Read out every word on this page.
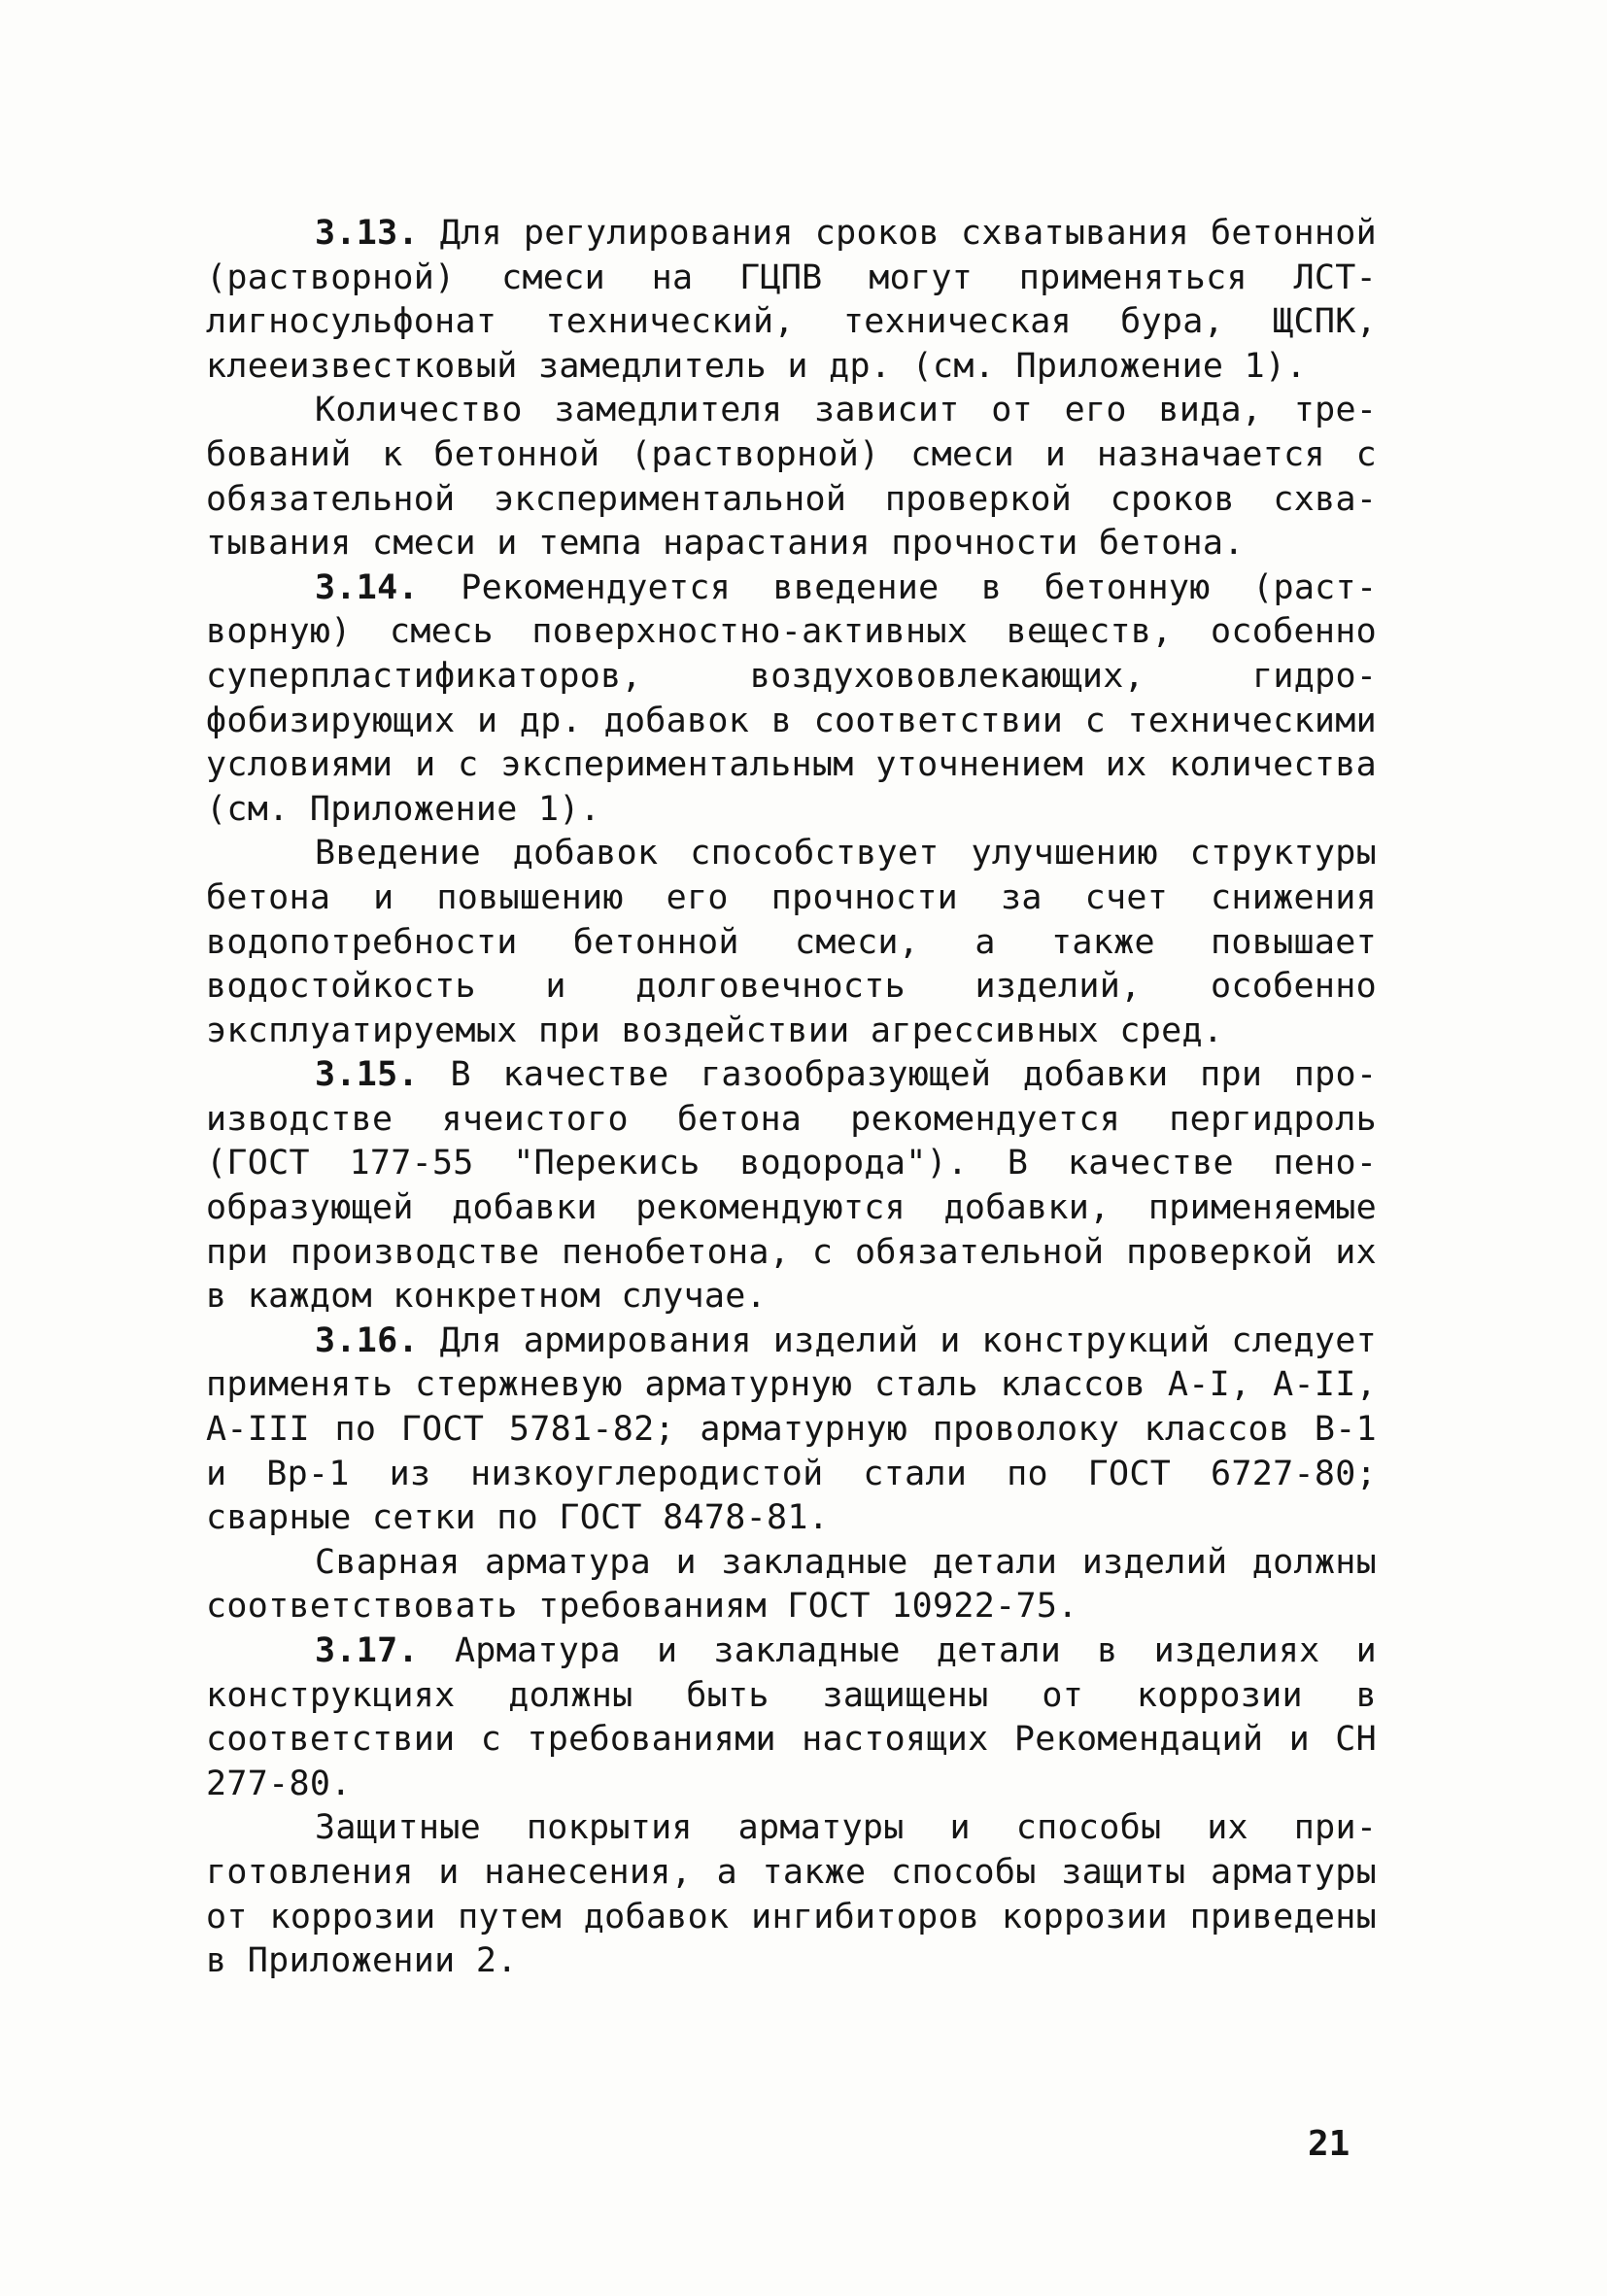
3.13. Для регулирования сроков схватывания бетонной (растворной) смеси на ГЦПВ могут применяться ЛСТ-лигносульфонат технический, техническая бура, ЩСПК, клееизвестковый замедлитель и др. (см. Приложение 1).

Количество замедлителя зависит от его вида, требований к бетонной (растворной) смеси и назначается с обязательной экспериментальной проверкой сроков схватывания смеси и темпа нарастания прочности бетона.

3.14. Рекомендуется введение в бетонную (растворную) смесь поверхностно-активных веществ, особенно суперпластификаторов, воздухововлекающих, гидрофобизирующих и др. добавок в соответствии с техническими условиями и с экспериментальным уточнением их количества (см. Приложение 1).

Введение добавок способствует улучшению структуры бетона и повышению его прочности за счет снижения водопотребности бетонной смеси, а также повышает водостойкость и долговечность изделий, особенно эксплуатируемых при воздействии агрессивных сред.

3.15. В качестве газообразующей добавки при производстве ячеистого бетона рекомендуется пергидроль (ГОСТ 177-55 "Перекись водорода"). В качестве пенообразующей добавки рекомендуются добавки, применяемые при производстве пенобетона, с обязательной проверкой их в каждом конкретном случае.

3.16. Для армирования изделий и конструкций следует применять стержневую арматурную сталь классов А-I, А-II, А-III по ГОСТ 5781-82; арматурную проволоку классов В-1 и Вр-1 из низкоуглеродистой стали по ГОСТ 6727-80; сварные сетки по ГОСТ 8478-81.

Сварная арматура и закладные детали изделий должны соответствовать требованиям ГОСТ 10922-75.

3.17. Арматура и закладные детали в изделиях и конструкциях должны быть защищены от коррозии в соответствии с требованиями настоящих Рекомендаций и СН 277-80.

Защитные покрытия арматуры и способы их приготовления и нанесения, а также способы защиты арматуры от коррозии путем добавок ингибиторов коррозии приведены в Приложении 2.

21
